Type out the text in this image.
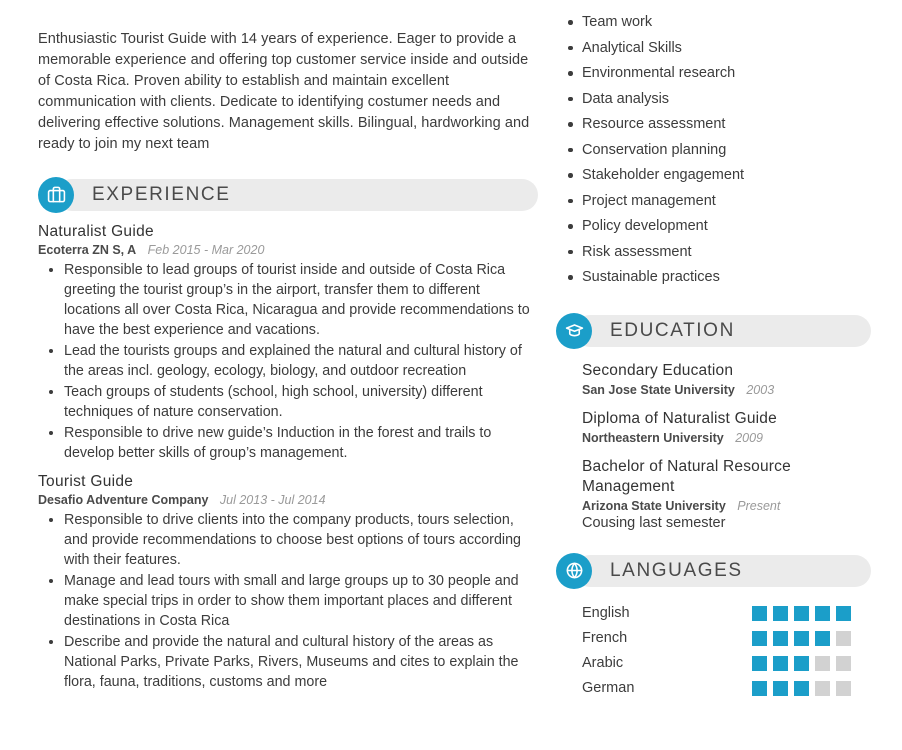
Enthusiastic Tourist Guide with 14 years of experience. Eager to provide a memorable experience and offering top customer service inside and outside of Costa Rica. Proven ability to establish and maintain excellent communication with clients. Dedicate to identifying costumer needs and delivering effective solutions. Management skills. Bilingual, hardworking and ready to join my next team

EXPERIENCE
Naturalist Guide
Ecoterra ZN S, A Feb 2015 - Mar 2020
Responsible to lead groups of tourist inside and outside of Costa Rica greeting the tourist group’s in the airport, transfer them to different locations all over Costa Rica, Nicaragua and provide recommendations to have the best experience and vacations.
Lead the tourists groups and explained the natural and cultural history of the areas incl. geology, ecology, biology, and outdoor recreation
Teach groups of students (school, high school, university) different techniques of nature conservation.
Responsible to drive new guide’s Induction in the forest and trails to develop better skills of group’s management.
Tourist Guide
Desafio Adventure Company Jul 2013 - Jul 2014
Responsible to drive clients into the company products, tours selection, and provide recommendations to choose best options of tours according with their features.
Manage and lead tours with small and large groups up to 30 people and make special trips in order to show them important places and different destinations in Costa Rica
Describe and provide the natural and cultural history of the areas as National Parks, Private Parks, Rivers, Museums and cites to explain the flora, fauna, traditions, customs and more
Team work
Analytical Skills
Environmental research
Data analysis
Resource assessment
Conservation planning
Stakeholder engagement
Project management
Policy development
Risk assessment
Sustainable practices
EDUCATION
Secondary Education
San Jose State University 2003
Diploma of Naturalist Guide
Northeastern University 2009
Bachelor of Natural Resource Management
Arizona State University Present
Cousing last semester
LANGUAGES
English
French
Arabic
German
